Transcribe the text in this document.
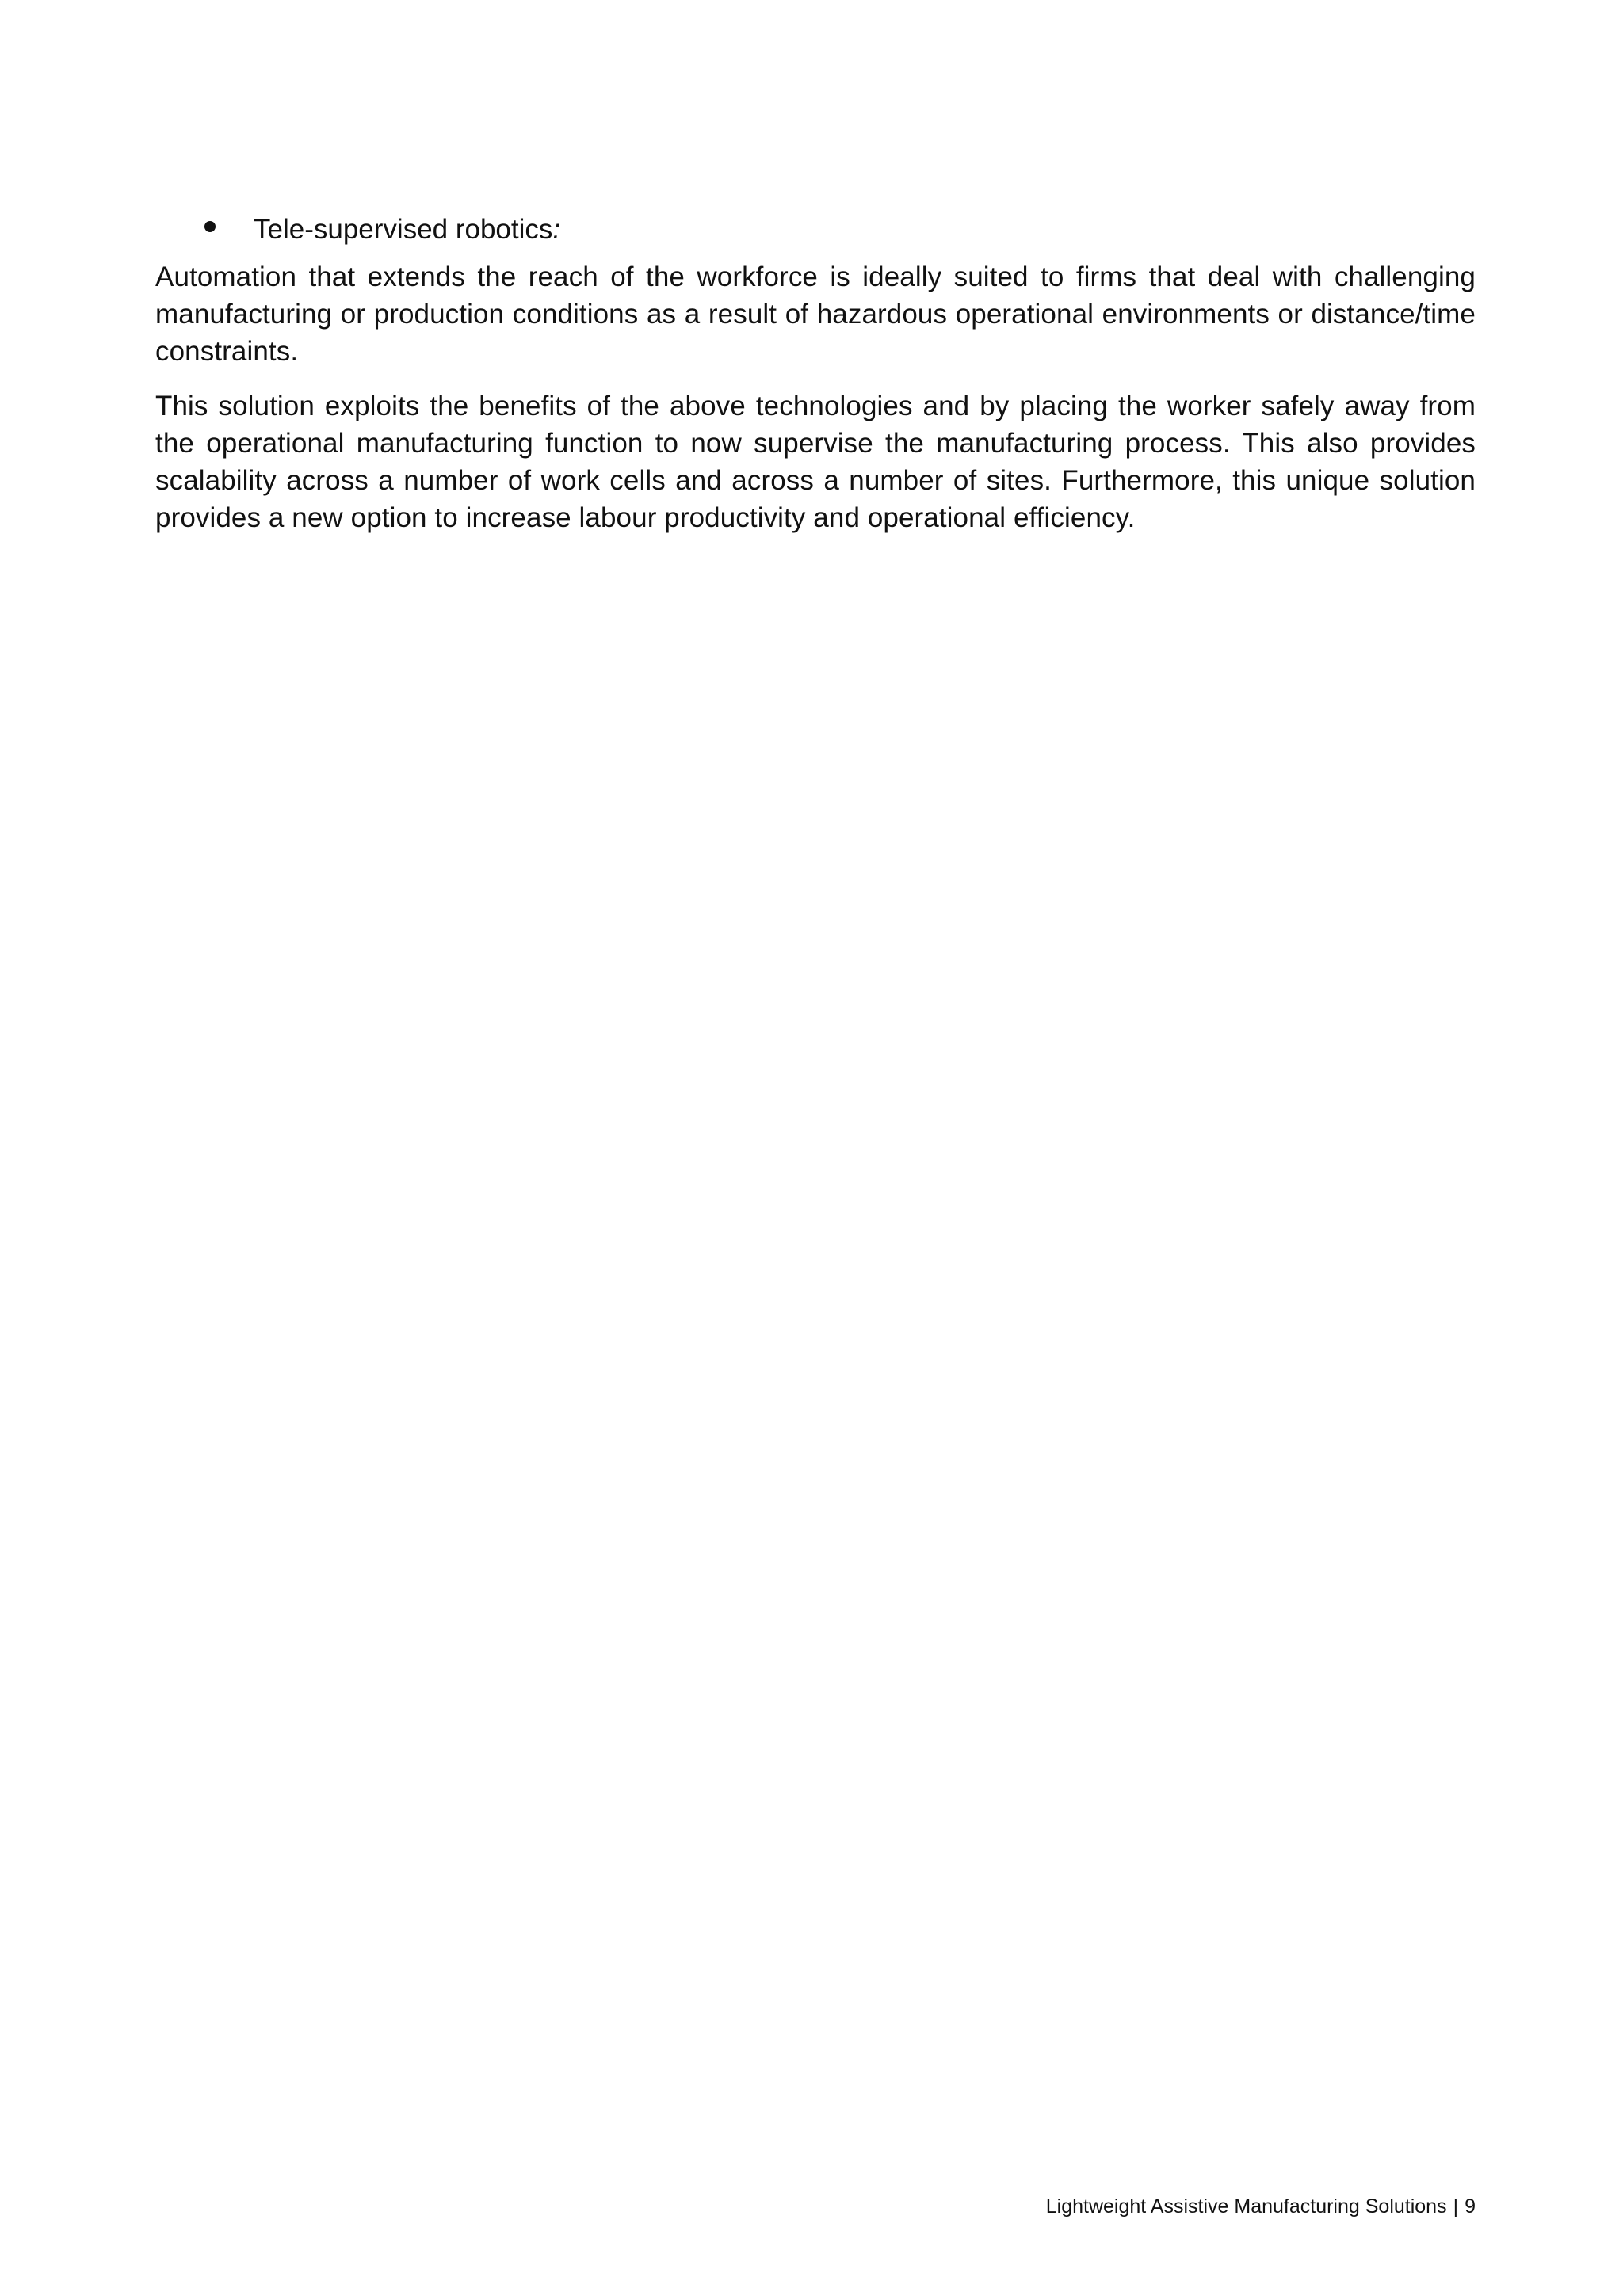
Tele-supervised robotics:

Automation that extends the reach of the workforce is ideally suited to firms that deal with challenging manufacturing or production conditions as a result of hazardous operational environments or distance/time constraints.

This solution exploits the benefits of the above technologies and by placing the worker safely away from the operational manufacturing function to now supervise the manufacturing process. This also provides scalability across a number of work cells and across a number of sites. Furthermore, this unique solution provides a new option to increase labour productivity and operational efficiency.

Lightweight Assistive Manufacturing Solutions | 9
